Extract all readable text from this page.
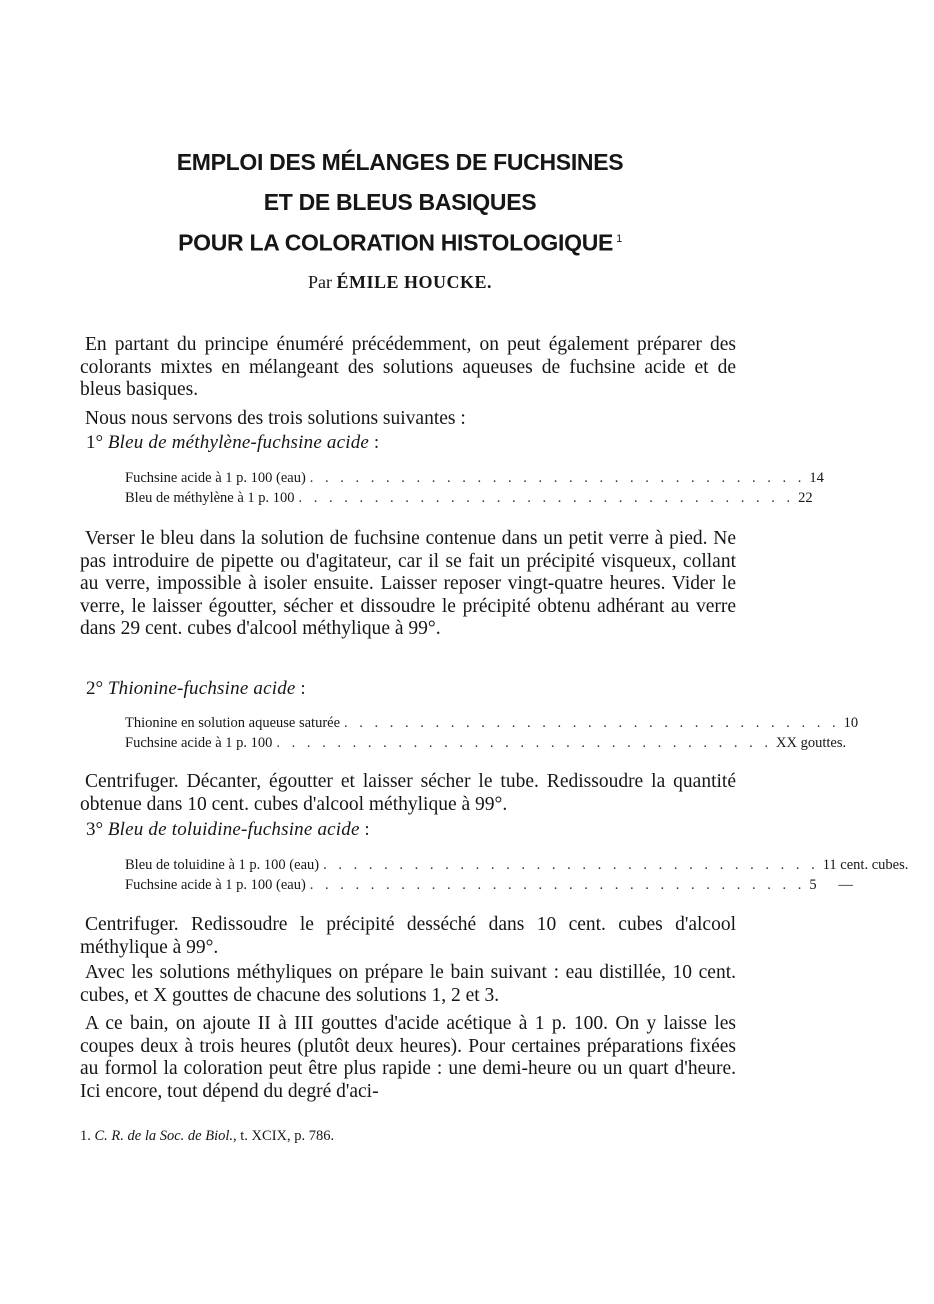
EMPLOI DES MÉLANGES DE FUCHSINES
ET DE BLEUS BASIQUES
POUR LA COLORATION HISTOLOGIQUE $^1$
Par ÉMILE HOUCKE.
En partant du principe énuméré précédemment, on peut également préparer des colorants mixtes en mélangeant des solutions aqueuses de fuchsine acide et de bleus basiques.
Nous nous servons des trois solutions suivantes :
1° Bleu de méthylène-fuchsine acide :
Fuchsine acide à 1 p. 100 (eau) . . . . . . . . . . . . . . . . . . . . . . . . . . . . . . . . . 14
Bleu de méthylène à 1 p. 100 . . . . . . . . . . . . . . . . . . . . . . . . . . . . . . . . . 22
Verser le bleu dans la solution de fuchsine contenue dans un petit verre à pied. Ne pas introduire de pipette ou d'agitateur, car il se fait un précipité visqueux, collant au verre, impossible à isoler ensuite. Laisser reposer vingt-quatre heures. Vider le verre, le laisser égoutter, sécher et dissoudre le précipité obtenu adhérant au verre dans 29 cent. cubes d'alcool méthylique à 99°.
2° Thionine-fuchsine acide :
Thionine en solution aqueuse saturée . . . . . . . . . . . . . . . . . . . . . . . . . . . . . . . . . 10
Fuchsine acide à 1 p. 100 . . . . . . . . . . . . . . . . . . . . . . . . . . . . . . . . . XX gouttes.
Centrifuger. Décanter, égoutter et laisser sécher le tube. Redissoudre la quantité obtenue dans 10 cent. cubes d'alcool méthylique à 99°.
3° Bleu de toluidine-fuchsine acide :
Bleu de toluidine à 1 p. 100 (eau) . . . . . . . . . . . . . . . . . . . . . . . . . . . . . . . . . 11 cent. cubes.
Fuchsine acide à 1 p. 100 (eau) . . . . . . . . . . . . . . . . . . . . . . . . . . . . . . . . . 5      —
Centrifuger. Redissoudre le précipité desséché dans 10 cent. cubes d'alcool méthylique à 99°.
Avec les solutions méthyliques on prépare le bain suivant : eau distillée, 10 cent. cubes, et X gouttes de chacune des solutions 1, 2 et 3.
A ce bain, on ajoute II à III gouttes d'acide acétique à 1 p. 100. On y laisse les coupes deux à trois heures (plutôt deux heures). Pour certaines préparations fixées au formol la coloration peut être plus rapide : une demi-heure ou un quart d'heure. Ici encore, tout dépend du degré d'aci-
1. C. R. de la Soc. de Biol., t. XCIX, p. 786.
